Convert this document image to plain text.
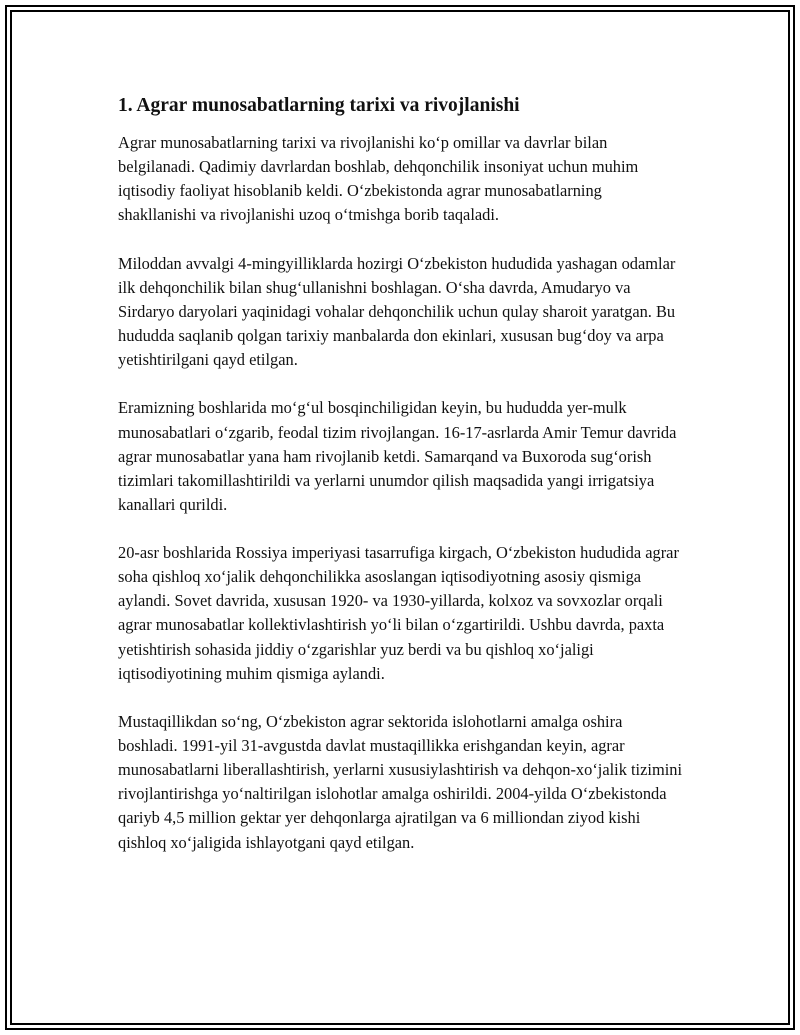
1. Agrar munosabatlarning tarixi va rivojlanishi

Agrar munosabatlarning tarixi va rivojlanishi ko‘p omillar va davrlar bilan belgilanadi. Qadimiy davrlardan boshlab, dehqonchilik insoniyat uchun muhim iqtisodiy faoliyat hisoblanib keldi. O‘zbekistonda agrar munosabatlarning shakllanishi va rivojlanishi uzoq o‘tmishga borib taqaladi.

Miloddan avvalgi 4-mingyilliklarda hozirgi O‘zbekiston hududida yashagan odamlar ilk dehqonchilik bilan shug‘ullanishni boshlagan. O‘sha davrda, Amudaryo va Sirdaryo daryolari yaqinidagi vohalar dehqonchilik uchun qulay sharoit yaratgan. Bu hududda saqlanib qolgan tarixiy manbalarda don ekinlari, xususan bug‘doy va arpa yetishtirilgani qayd etilgan.

Eramizning boshlarida mo‘g‘ul bosqinchiligidan keyin, bu hududda yer-mulk munosabatlari o‘zgarib, feodal tizim rivojlangan. 16-17-asrlarda Amir Temur davrida agrar munosabatlar yana ham rivojlanib ketdi. Samarqand va Buxoroda sug‘orish tizimlari takomillashtirildi va yerlarni unumdor qilish maqsadida yangi irrigatsiya kanallari qurildi.

20-asr boshlarida Rossiya imperiyasi tasarrufiga kirgach, O‘zbekiston hududida agrar soha qishloq xo‘jalik dehqonchilikka asoslangan iqtisodiyotning asosiy qismiga aylandi. Sovet davrida, xususan 1920- va 1930-yillarda, kolxoz va sovxozlar orqali agrar munosabatlar kollektivlashtirish yo‘li bilan o‘zgartirildi. Ushbu davrda, paxta yetishtirish sohasida jiddiy o‘zgarishlar yuz berdi va bu qishloq xo‘jaligi iqtisodiyotining muhim qismiga aylandi.

Mustaqillikdan so‘ng, O‘zbekiston agrar sektorida islohotlarni amalga oshira boshladi. 1991-yil 31-avgustda davlat mustaqillikka erishgandan keyin, agrar munosabatlarni liberallashtirish, yerlarni xususiylashtirish va dehqon-xo‘jalik tizimini rivojlantirishga yo‘naltirilgan islohotlar amalga oshirildi. 2004-yilda O‘zbekistonda qariyb 4,5 million gektar yer dehqonlarga ajratilgan va 6 milliondan ziyod kishi qishloq xo‘jaligida ishlayotgani qayd etilgan.
